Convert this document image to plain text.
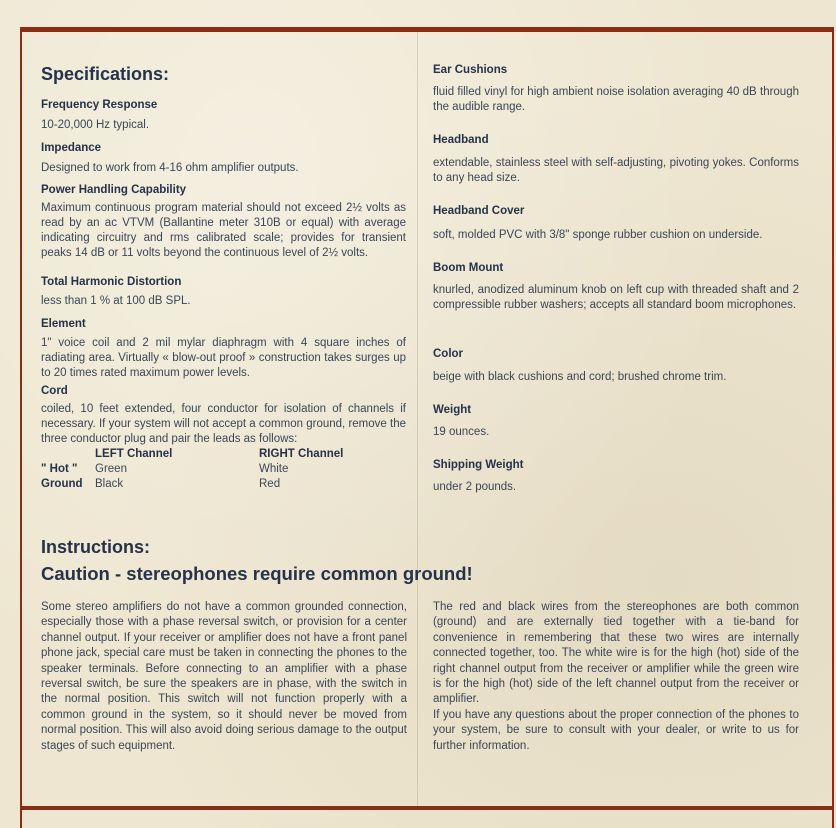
Specifications:
Frequency Response
10-20,000 Hz typical.
Impedance
Designed to work from 4-16 ohm amplifier outputs.
Power Handling Capability
Maximum continuous program material should not exceed 2½ volts as read by an ac VTVM (Ballantine meter 310B or equal) with average indicating circuitry and rms calibrated scale; provides for transient peaks 14 dB or 11 volts beyond the continuous level of 2½ volts.
Total Harmonic Distortion
less than 1 % at 100 dB SPL.
Element
1" voice coil and 2 mil mylar diaphragm with 4 square inches of radiating area. Virtually « blow-out proof » construction takes surges up to 20 times rated maximum power levels.
Cord
coiled, 10 feet extended, four conductor for isolation of channels if necessary. If your system will not accept a common ground, remove the three conductor plug and pair the leads as follows:
	LEFT Channel	RIGHT Channel
" Hot "	Green	White
Ground	Black	Red
Ear Cushions
fluid filled vinyl for high ambient noise isolation averaging 40 dB through the audible range.
Headband
extendable, stainless steel with self-adjusting, pivoting yokes. Conforms to any head size.
Headband Cover
soft, molded PVC with 3/8" sponge rubber cushion on underside.
Boom Mount
knurled, anodized aluminum knob on left cup with threaded shaft and 2 compressible rubber washers; accepts all standard boom microphones.
Color
beige with black cushions and cord; brushed chrome trim.
Weight
19 ounces.
Shipping Weight
under 2 pounds.
Instructions:
Caution - stereophones require common ground!
Some stereo amplifiers do not have a common grounded connection, especially those with a phase reversal switch, or provision for a center channel output. If your receiver or amplifier does not have a front panel phone jack, special care must be taken in connecting the phones to the speaker terminals. Before connecting to an amplifier with a phase reversal switch, be sure the speakers are in phase, with the switch in the normal position. This switch will not function properly with a common ground in the system, so it should never be moved from normal position. This will also avoid doing serious damage to the output stages of such equipment.

The red and black wires from the stereophones are both common (ground) and are externally tied together with a tie-band for convenience in remembering that these two wires are internally connected together, too. The white wire is for the high (hot) side of the right channel output from the receiver or amplifier while the green wire is for the high (hot) side of the left channel output from the receiver or amplifier.

If you have any questions about the proper connection of the phones to your system, be sure to consult with your dealer, or write to us for further information.
